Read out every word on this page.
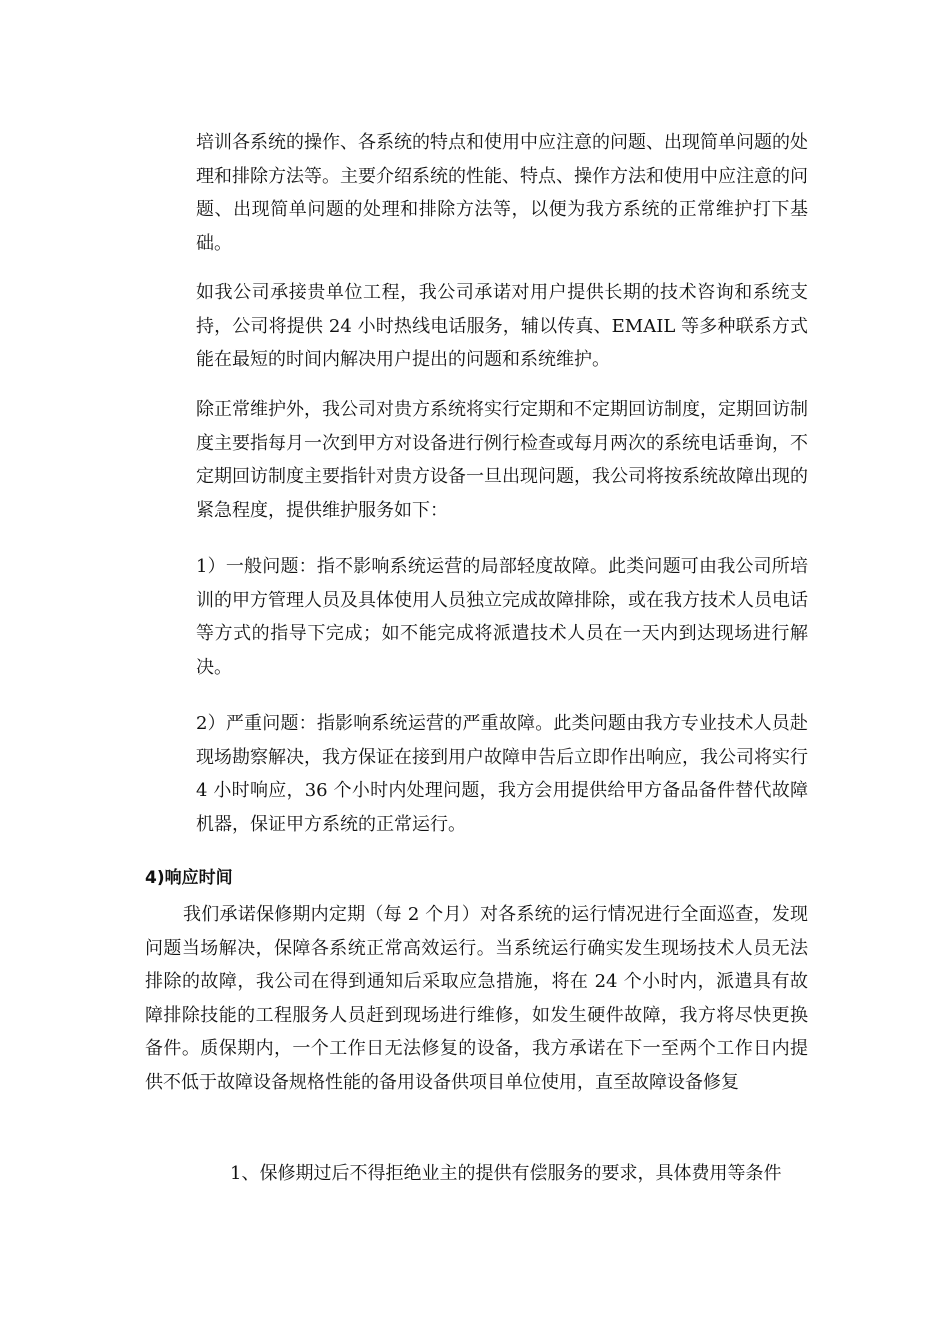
培训各系统的操作、各系统的特点和使用中应注意的问题、出现简单问题的处理和排除方法等。主要介绍系统的性能、特点、操作方法和使用中应注意的问题、出现简单问题的处理和排除方法等，以便为我方系统的正常维护打下基础。

如我公司承接贵单位工程，我公司承诺对用户提供长期的技术咨询和系统支持，公司将提供 24 小时热线电话服务，辅以传真、EMAIL 等多种联系方式能在最短的时间内解决用户提出的问题和系统维护。

除正常维护外，我公司对贵方系统将实行定期和不定期回访制度，定期回访制度主要指每月一次到甲方对设备进行例行检查或每月两次的系统电话垂询，不定期回访制度主要指针对贵方设备一旦出现问题，我公司将按系统故障出现的紧急程度，提供维护服务如下：

1）一般问题：指不影响系统运营的局部轻度故障。此类问题可由我公司所培训的甲方管理人员及具体使用人员独立完成故障排除，或在我方技术人员电话等方式的指导下完成；如不能完成将派遣技术人员在一天内到达现场进行解决。

2）严重问题：指影响系统运营的严重故障。此类问题由我方专业技术人员赴现场勘察解决，我方保证在接到用户故障申告后立即作出响应，我公司将实行 4 小时响应，36 个小时内处理问题，我方会用提供给甲方备品备件替代故障机器，保证甲方系统的正常运行。

4)响应时间

我们承诺保修期内定期（每 2 个月）对各系统的运行情况进行全面巡查，发现问题当场解决，保障各系统正常高效运行。当系统运行确实发生现场技术人员无法排除的故障，我公司在得到通知后采取应急措施，将在 24 个小时内，派遣具有故障排除技能的工程服务人员赶到现场进行维修，如发生硬件故障，我方将尽快更换备件。质保期内，一个工作日无法修复的设备，我方承诺在下一至两个工作日内提供不低于故障设备规格性能的备用设备供项目单位使用，直至故障设备修复

1、保修期过后不得拒绝业主的提供有偿服务的要求，具体费用等条件
